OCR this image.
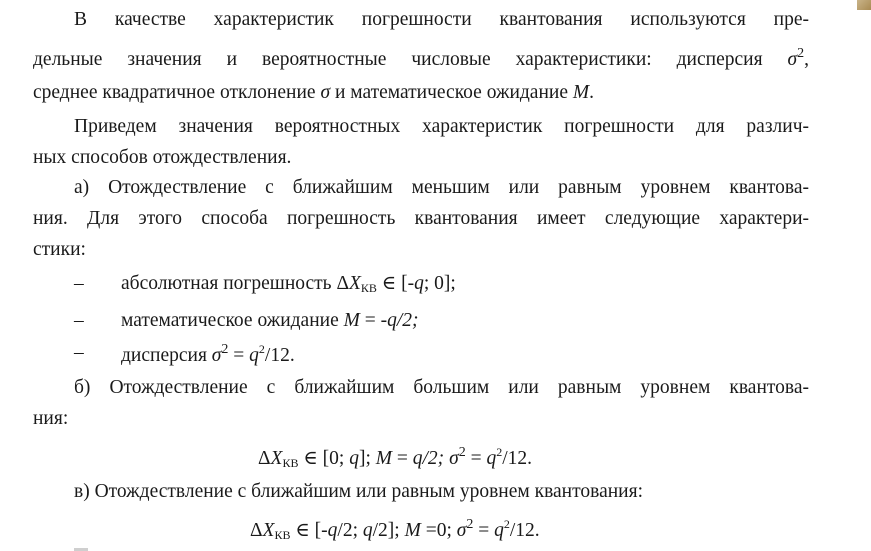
В качестве характеристик погрешности квантования используются пре-
дельные значения и вероятностные числовые характеристики: дисперсия $\sigma^2$,
среднее квадратичное отклонение σ и математическое ожидание M.
Приведем значения вероятностных характеристик погрешности для различ-
ных способов отождествления.
а) Отождествление с ближайшим меньшим или равным уровнем квантова-
ния. Для этого способа погрешность квантования имеет следующие характери-
стики:
– абсолютная погрешность $\Delta X_{КВ}$ ∈ [-q; 0];
– математическое ожидание M = -q/2;
– дисперсия $\sigma^2 = q^2/12$.
б) Отождествление с ближайшим большим или равным уровнем квантова-
ния:
$\Delta X_{КВ}$ ∈ [0; q]; M = q/2; $\sigma^2 = q^2/12$.
в) Отождествление с ближайшим или равным уровнем квантования:
$\Delta X_{КВ}$ ∈ [-q/2; q/2]; M =0; $\sigma^2 = q^2/12$.
